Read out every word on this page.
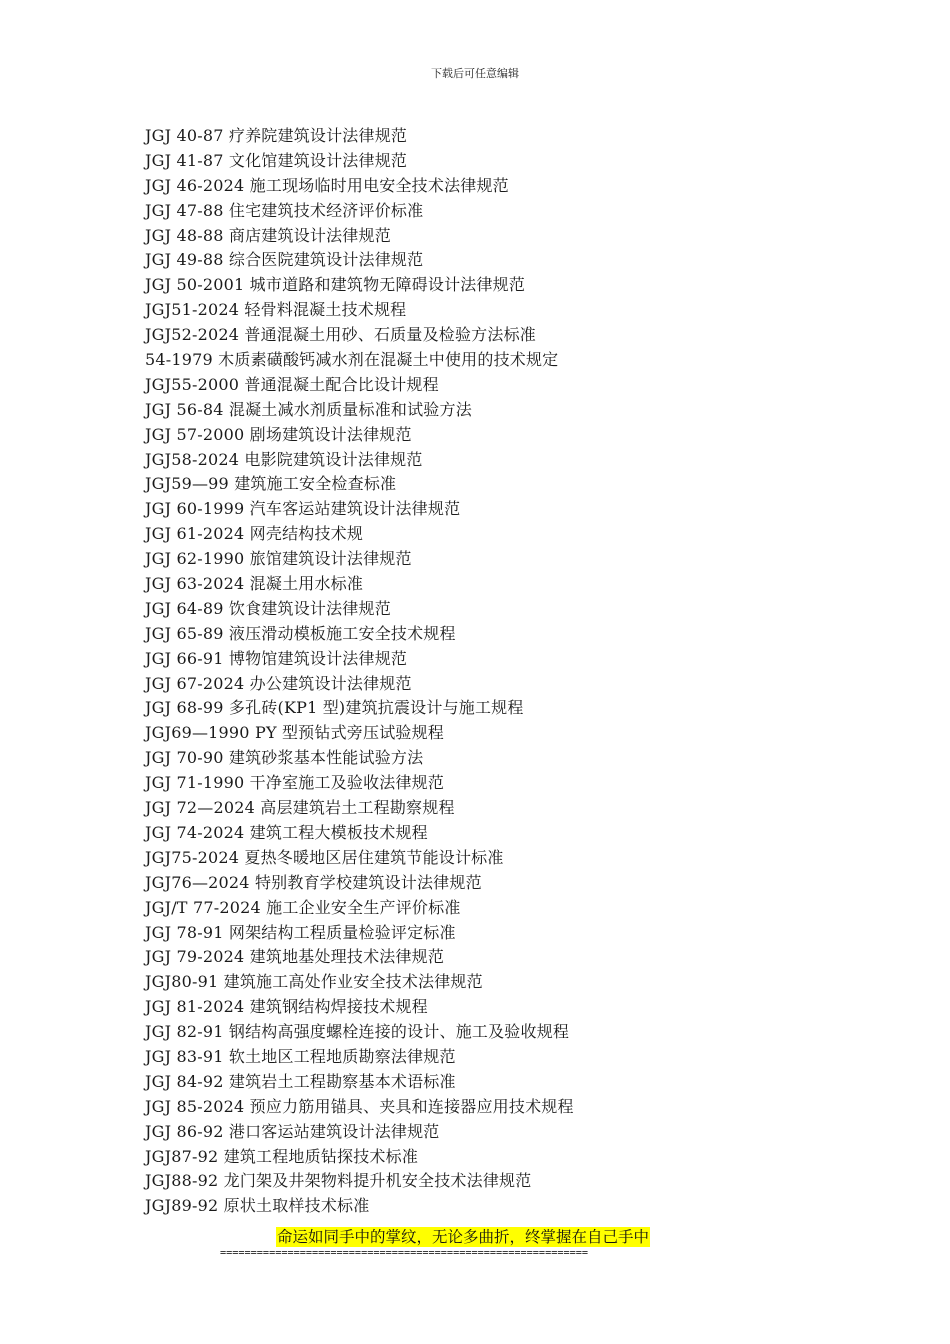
下载后可任意编辑
JGJ 40-87 疗养院建筑设计法律规范
JGJ 41-87 文化馆建筑设计法律规范
JGJ 46-2024 施工现场临时用电安全技术法律规范
JGJ 47-88 住宅建筑技术经济评价标准
JGJ 48-88 商店建筑设计法律规范
JGJ 49-88 综合医院建筑设计法律规范
JGJ 50-2001 城市道路和建筑物无障碍设计法律规范
JGJ51-2024 轻骨料混凝土技术规程
JGJ52-2024 普通混凝土用砂、石质量及检验方法标准
54-1979 木质素磺酸钙减水剂在混凝土中使用的技术规定
JGJ55-2000 普通混凝土配合比设计规程
JGJ 56-84 混凝土减水剂质量标准和试验方法
JGJ 57-2000 剧场建筑设计法律规范
JGJ58-2024 电影院建筑设计法律规范
JGJ59—99 建筑施工安全检查标准
JGJ 60-1999 汽车客运站建筑设计法律规范
JGJ 61-2024 网壳结构技术规
JGJ 62-1990 旅馆建筑设计法律规范
JGJ 63-2024 混凝土用水标准
JGJ 64-89 饮食建筑设计法律规范
JGJ 65-89 液压滑动模板施工安全技术规程
JGJ 66-91 博物馆建筑设计法律规范
JGJ 67-2024 办公建筑设计法律规范
JGJ 68-99 多孔砖(KP1 型)建筑抗震设计与施工规程
JGJ69—1990 PY 型预钻式旁压试验规程
JGJ 70-90 建筑砂浆基本性能试验方法
JGJ 71-1990 干净室施工及验收法律规范
JGJ 72—2024 高层建筑岩土工程勘察规程
JGJ 74-2024 建筑工程大模板技术规程
JGJ75-2024 夏热冬暖地区居住建筑节能设计标准
JGJ76—2024 特别教育学校建筑设计法律规范
JGJ/T 77-2024 施工企业安全生产评价标准
JGJ 78-91 网架结构工程质量检验评定标准
JGJ 79-2024 建筑地基处理技术法律规范
JGJ80-91 建筑施工高处作业安全技术法律规范
JGJ 81-2024 建筑钢结构焊接技术规程
JGJ 82-91 钢结构高强度螺栓连接的设计、施工及验收规程
JGJ 83-91 软土地区工程地质勘察法律规范
JGJ 84-92 建筑岩土工程勘察基本术语标准
JGJ 85-2024 预应力筋用锚具、夹具和连接器应用技术规程
JGJ 86-92 港口客运站建筑设计法律规范
JGJ87-92 建筑工程地质钻探技术标准
JGJ88-92 龙门架及井架物料提升机安全技术法律规范
JGJ89-92 原状土取样技术标准
命运如同手中的掌纹，无论多曲折，终掌握在自己手中
============================================================
